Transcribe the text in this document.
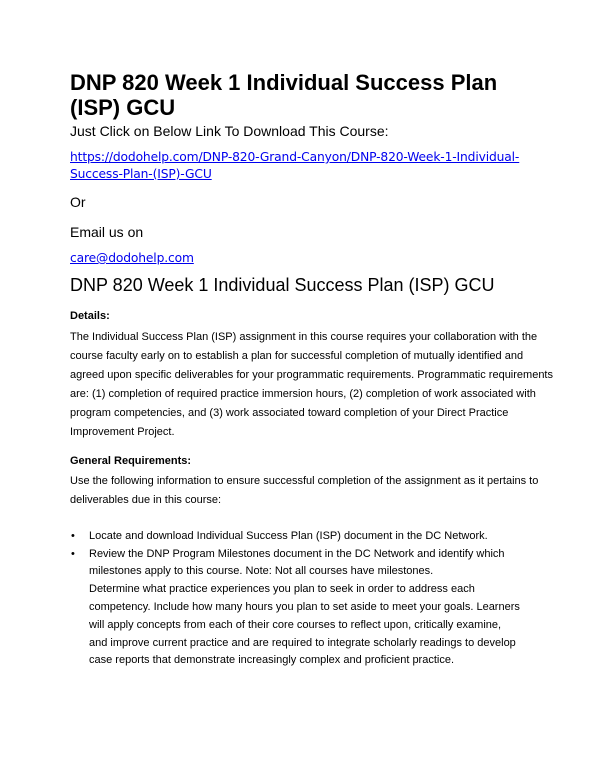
DNP 820 Week 1 Individual Success Plan
(ISP) GCU
Just Click on Below Link To Download This Course:
https://dodohelp.com/DNP-820-Grand-Canyon/DNP-820-Week-1-Individual-
Success-Plan-(ISP)-GCU
Or
Email us on
care@dodohelp.com
DNP 820 Week 1 Individual Success Plan (ISP) GCU
Details:
The Individual Success Plan (ISP) assignment in this course requires your collaboration with the
course faculty early on to establish a plan for successful completion of mutually identified and
agreed upon specific deliverables for your programmatic requirements. Programmatic requirements
are: (1) completion of required practice immersion hours, (2) completion of work associated with
program competencies, and (3) work associated toward completion of your Direct Practice
Improvement Project.
General Requirements:
Use the following information to ensure successful completion of the assignment as it pertains to
deliverables due in this course:
• Locate and download Individual Success Plan (ISP) document in the DC Network.
• Review the DNP Program Milestones document in the DC Network and identify which
milestones apply to this course. Note: Not all courses have milestones.
Determine what practice experiences you plan to seek in order to address each
competency. Include how many hours you plan to set aside to meet your goals. Learners
will apply concepts from each of their core courses to reflect upon, critically examine,
and improve current practice and are required to integrate scholarly readings to develop
case reports that demonstrate increasingly complex and proficient practice.
